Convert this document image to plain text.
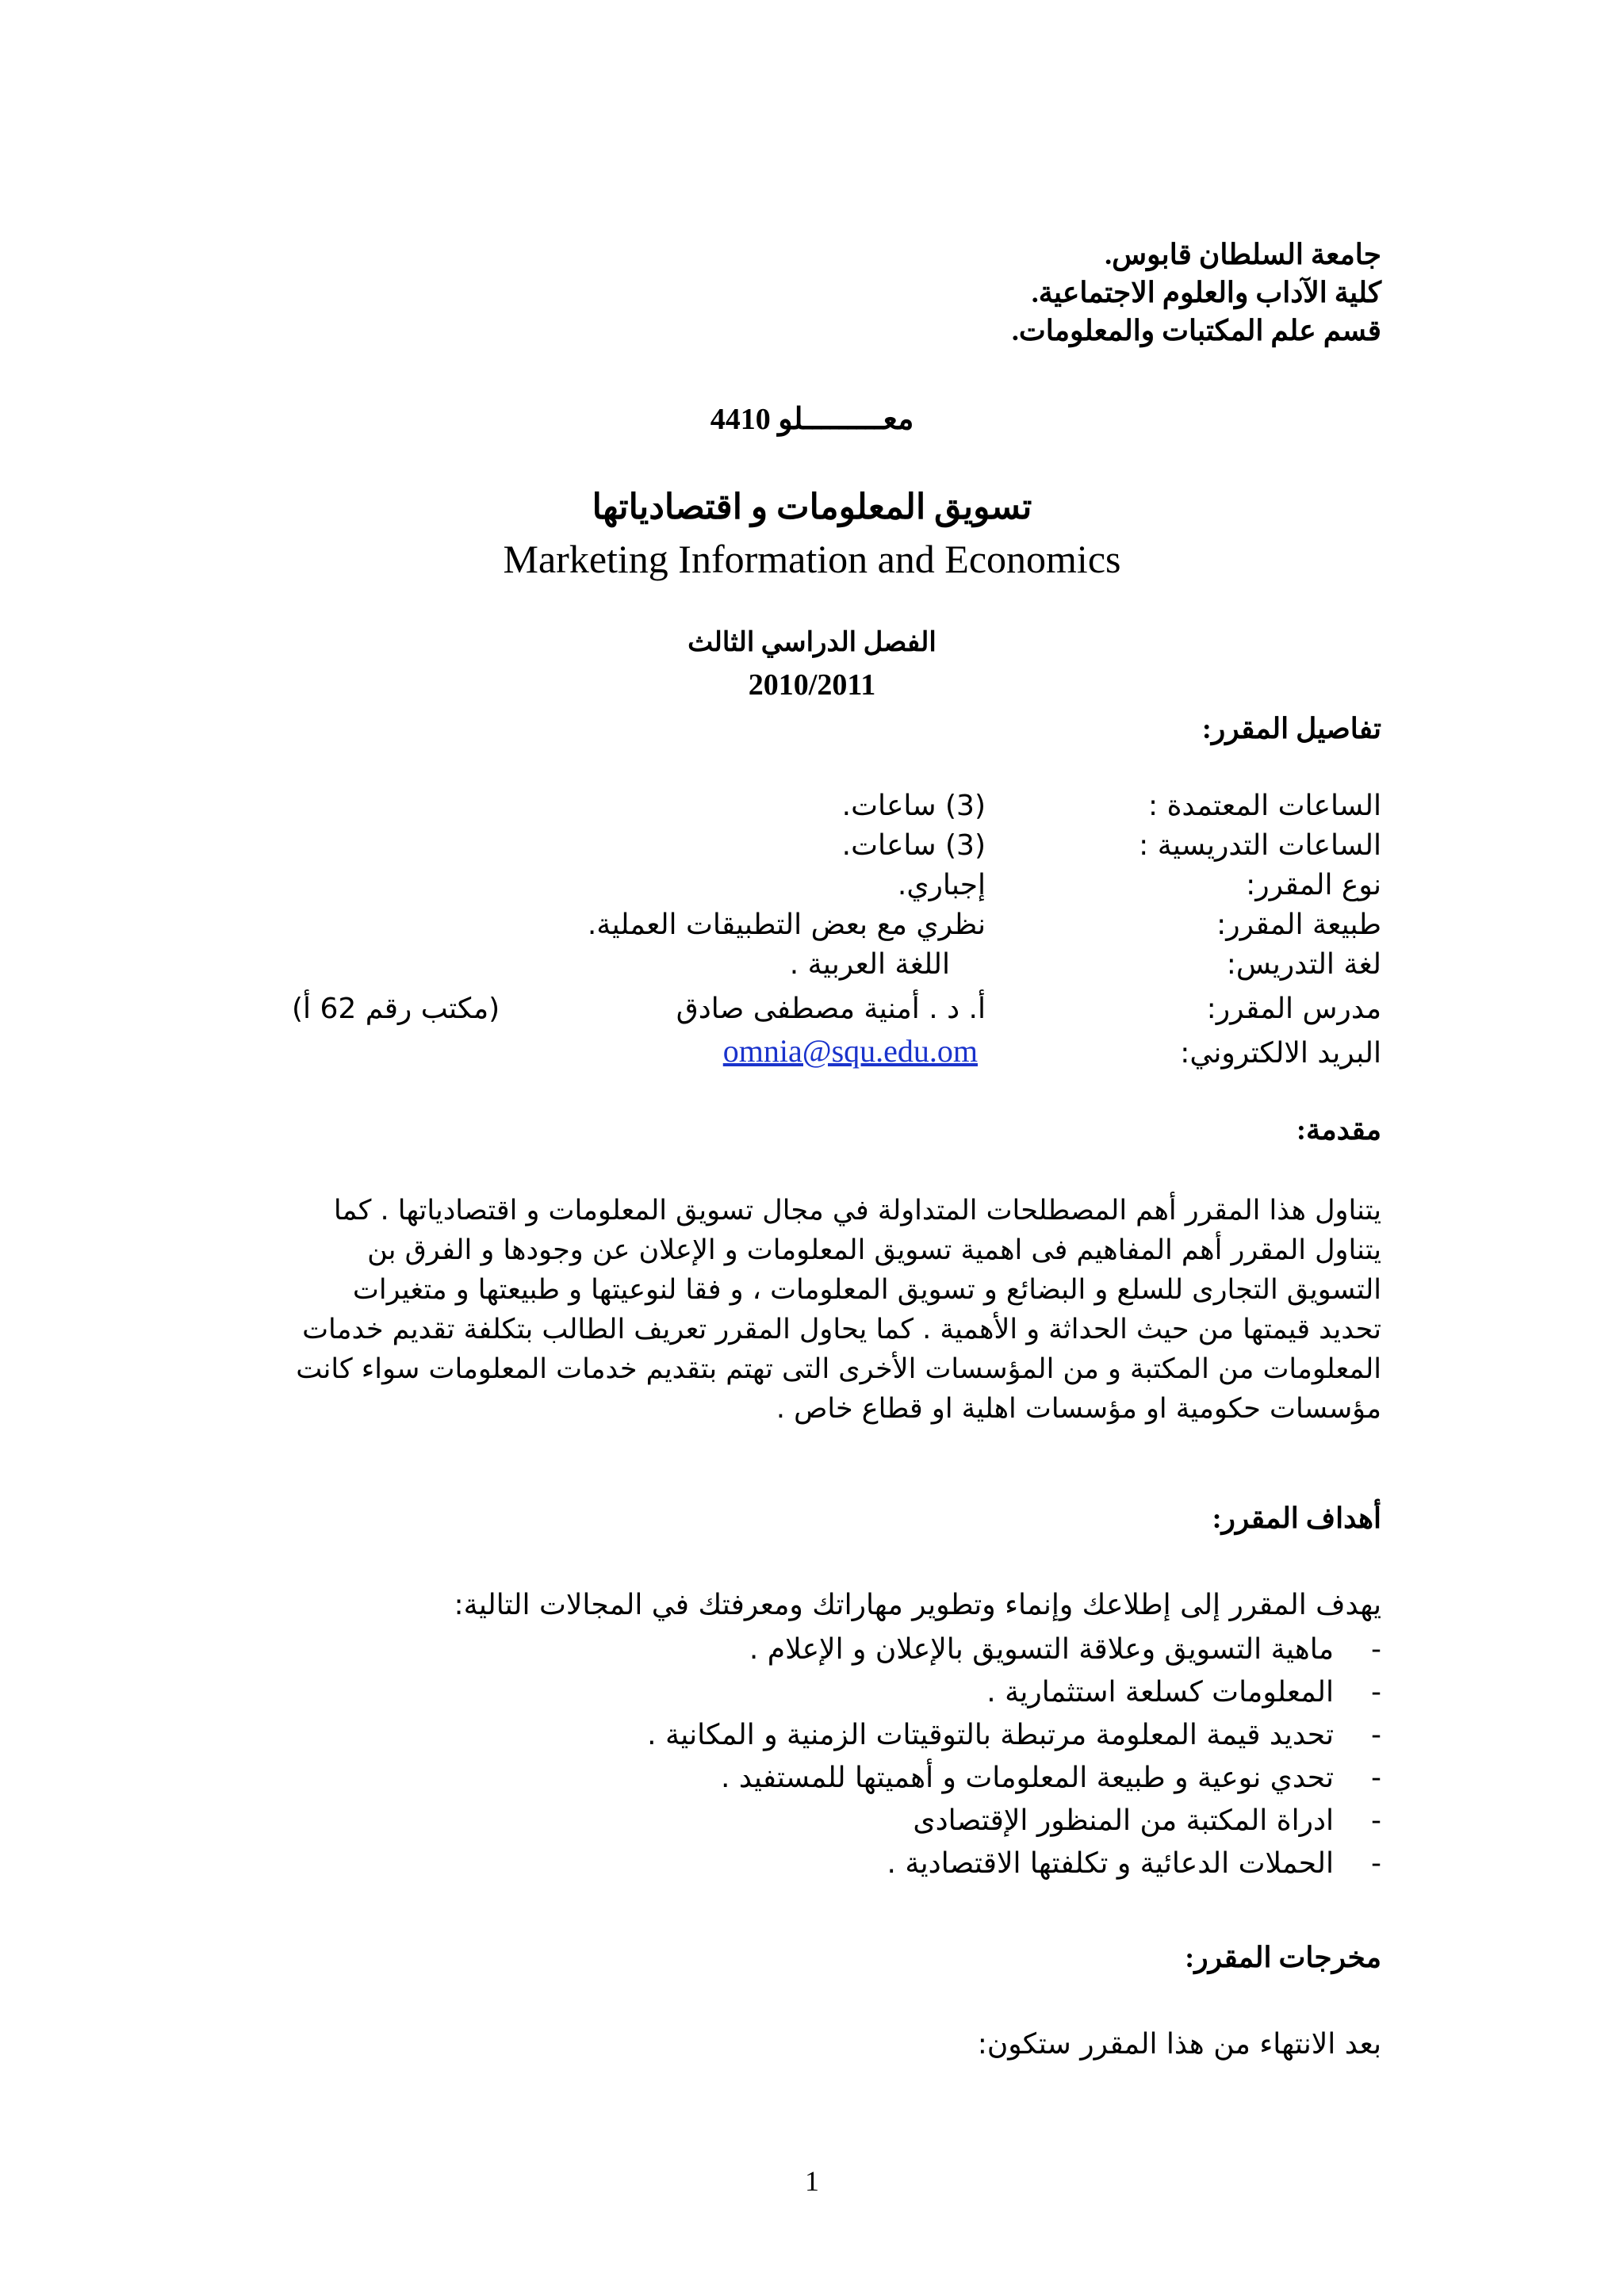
جامعة السلطان قابوس.
كلية الآداب والعلوم الاجتماعية.
قسم علم المكتبات والمعلومات.
معـــــــــلو 4410
تسويق المعلومات و اقتصادياتها
Marketing Information and Economics
الفصل الدراسي الثالث
2010/2011
تفاصيل المقرر:
الساعات المعتمدة :
(3) ساعات.
الساعات التدريسية :
(3) ساعات.
نوع المقرر:
إجباري.
طبيعة المقرر:
نظري مع بعض التطبيقات العملية.
لغة التدريس:
اللغة العربية .
مدرس المقرر:
أ. د . أمنية مصطفى صادق
(مكتب رقم 62 أ)
البريد الالكتروني:
omnia@squ.edu.om
مقدمة:
يتناول هذا المقرر أهم المصطلحات المتداولة في مجال تسويق المعلومات و اقتصادياتها . كما
يتناول المقرر أهم المفاهيم فى اهمية تسويق المعلومات و الإعلان عن وجودها و الفرق بن
التسويق التجارى للسلع و البضائع و تسويق المعلومات ، و فقا لنوعيتها و طبيعتها و متغيرات
تحديد قيمتها من حيث الحداثة و الأهمية . كما يحاول المقرر تعريف الطالب بتكلفة تقديم خدمات
المعلومات من المكتبة و من المؤسسات الأخرى التى تهتم بتقديم خدمات المعلومات سواء كانت
مؤسسات حكومية او مؤسسات اهلية او قطاع خاص .
أهداف المقرر:
يهدف المقرر إلى إطلاعك وإنماء وتطوير مهاراتك ومعرفتك في المجالات التالية:
-
ماهية التسويق وعلاقة التسويق بالإعلان و الإعلام .
-
المعلومات كسلعة استثمارية .
-
تحديد قيمة المعلومة مرتبطة بالتوقيتات الزمنية و المكانية .
-
تحدي نوعية و طبيعة المعلومات و أهميتها للمستفيد .
-
ادراة المكتبة من المنظور الإقتصادى
-
الحملات الدعائية و تكلفتها الاقتصادية .
مخرجات المقرر:
بعد الانتهاء من هذا المقرر ستكون:
1
